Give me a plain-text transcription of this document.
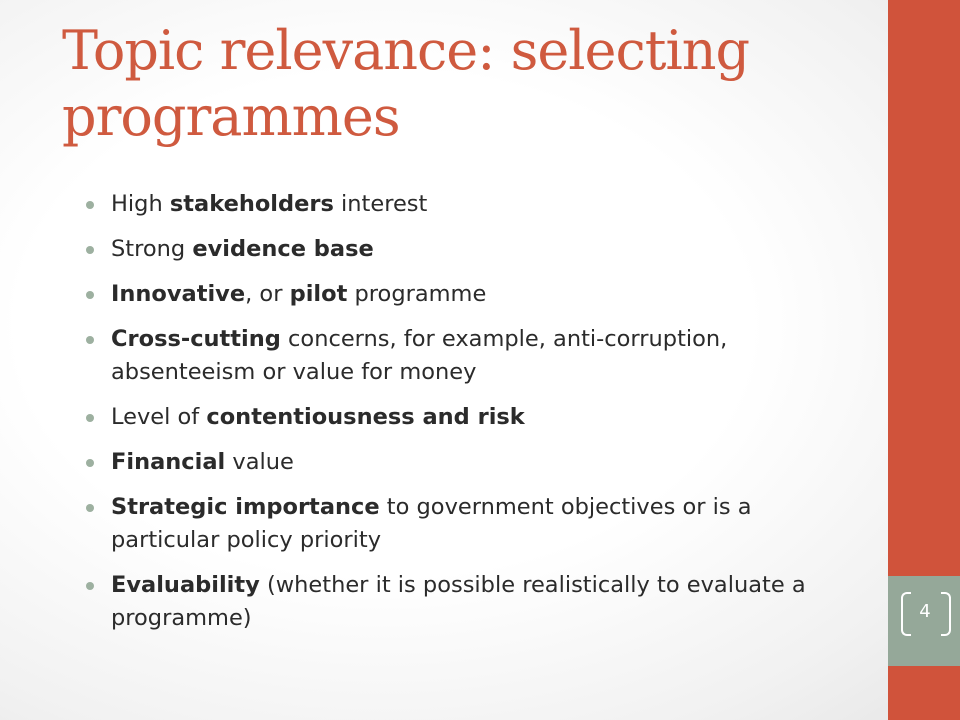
4
Topic relevance: selecting programmes
High stakeholders interest
Strong evidence base
Innovative, or pilot programme
Cross-cutting concerns, for example, anti-corruption, absenteeism or value for money
Level of contentiousness and risk
Financial value
Strategic importance to government objectives or is a particular policy priority
Evaluability (whether it is possible realistically to evaluate a programme)
